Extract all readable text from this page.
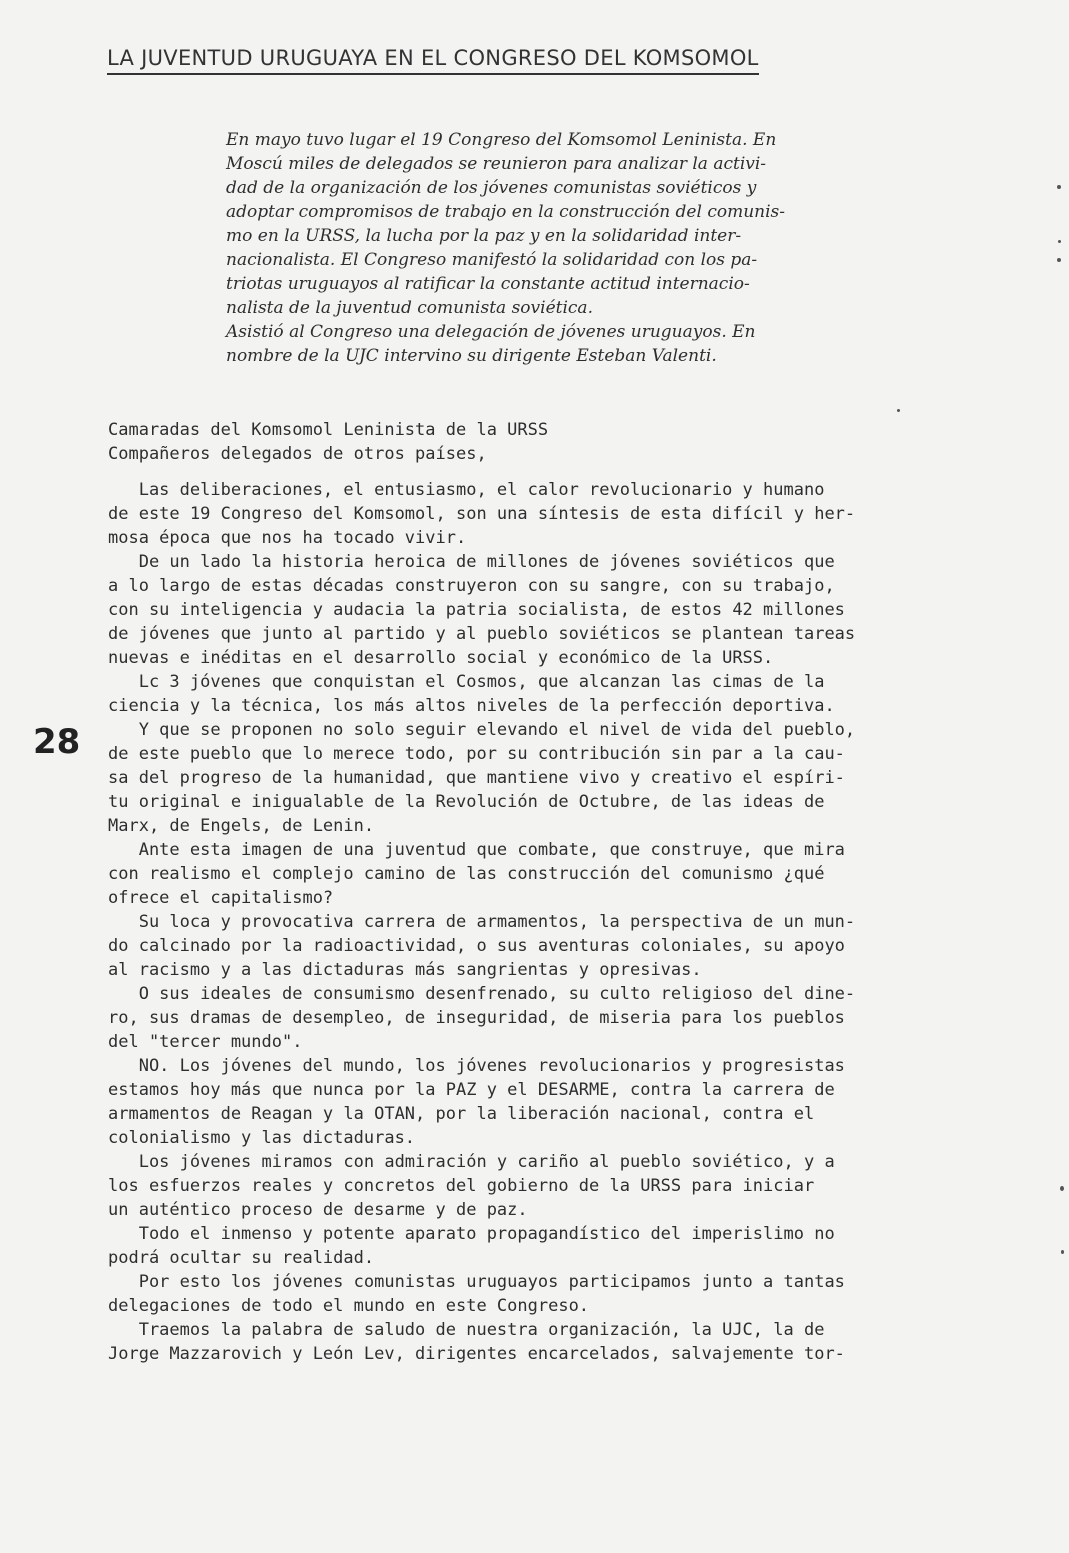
LA JUVENTUD URUGUAYA EN EL CONGRESO DEL KOMSOMOL

En mayo tuvo lugar el 19 Congreso del Komsomol Leninista. En

Moscú miles de delegados se reunieron para analizar la activi-

dad de la organización de los jóvenes comunistas soviéticos y

adoptar compromisos de trabajo en la construcción del comunis-

mo en la URSS, la lucha por la paz y en la solidaridad inter-

nacionalista. El Congreso manifestó la solidaridad con los pa-

triotas uruguayos al ratificar la constante actitud internacio-

nalista de la juventud comunista soviética.

Asistió al Congreso una delegación de jóvenes uruguayos. En

nombre de la UJC intervino su dirigente Esteban Valenti.

Camaradas del Komsomol Leninista de la URSS
Compañeros delegados de otros países,
28
Las deliberaciones, el entusiasmo, el calor revolucionario y humano
de este 19 Congreso del Komsomol, son una síntesis de esta difícil y her-
mosa época que nos ha tocado vivir.
De un lado la historia heroica de millones de jóvenes soviéticos que
a lo largo de estas décadas construyeron con su sangre, con su trabajo,
con su inteligencia y audacia la patria socialista, de estos 42 millones
de jóvenes que junto al partido y al pueblo soviéticos se plantean tareas
nuevas e inéditas en el desarrollo social y económico de la URSS.
Lc 3 jóvenes que conquistan el Cosmos, que alcanzan las cimas de la
ciencia y la técnica, los más altos niveles de la perfección deportiva.
Y que se proponen no solo seguir elevando el nivel de vida del pueblo,
de este pueblo que lo merece todo, por su contribución sin par a la cau-
sa del progreso de la humanidad, que mantiene vivo y creativo el espíri-
tu original e inigualable de la Revolución de Octubre, de las ideas de
Marx, de Engels, de Lenin.
Ante esta imagen de una juventud que combate, que construye, que mira
con realismo el complejo camino de las construcción del comunismo ¿qué
ofrece el capitalismo?
Su loca y provocativa carrera de armamentos, la perspectiva de un mun-
do calcinado por la radioactividad, o sus aventuras coloniales, su apoyo
al racismo y a las dictaduras más sangrientas y opresivas.
O sus ideales de consumismo desenfrenado, su culto religioso del dine-
ro, sus dramas de desempleo, de inseguridad, de miseria para los pueblos
del "tercer mundo".
NO. Los jóvenes del mundo, los jóvenes revolucionarios y progresistas
estamos hoy más que nunca por la PAZ y el DESARME, contra la carrera de
armamentos de Reagan y la OTAN, por la liberación nacional, contra el
colonialismo y las dictaduras.
Los jóvenes miramos con admiración y cariño al pueblo soviético, y a
los esfuerzos reales y concretos del gobierno de la URSS para iniciar
un auténtico proceso de desarme y de paz.
Todo el inmenso y potente aparato propagandístico del imperislimo no
podrá ocultar su realidad.
Por esto los jóvenes comunistas uruguayos participamos junto a tantas
delegaciones de todo el mundo en este Congreso.
Traemos la palabra de saludo de nuestra organización, la UJC, la de
Jorge Mazzarovich y León Lev, dirigentes encarcelados, salvajemente tor-
